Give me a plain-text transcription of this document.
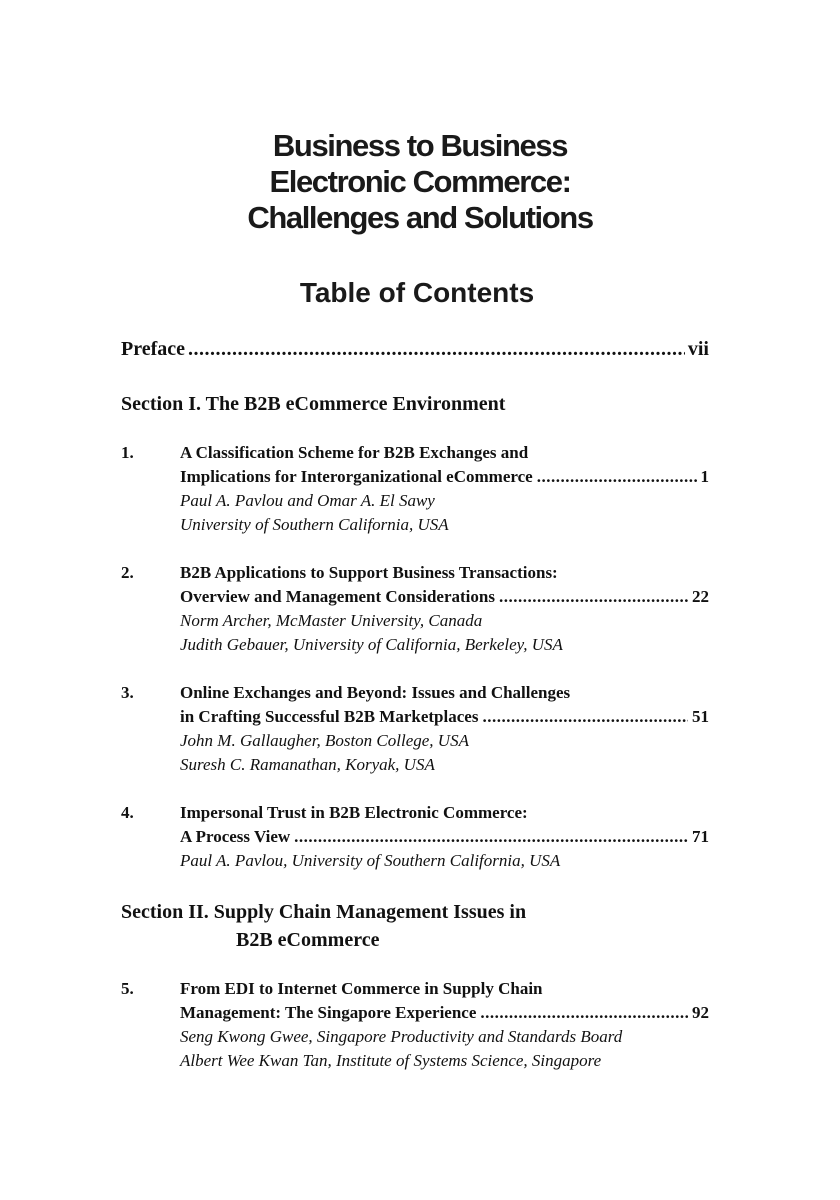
Business to Business
Electronic Commerce:
Challenges and Solutions
Table of Contents
Preface .....	vii
Section I. The B2B eCommerce Environment
1.	A Classification Scheme for B2B Exchanges and
Implications for Interorganizational eCommerce .....	1
Paul A. Pavlou and Omar A. El Sawy
University of Southern California, USA
2.	B2B Applications to Support Business Transactions:
Overview and Management Considerations .....	22
Norm Archer, McMaster University, Canada
Judith Gebauer, University of California, Berkeley, USA
3.	Online Exchanges and Beyond: Issues and Challenges
in Crafting Successful B2B Marketplaces .....	51
John M. Gallaugher, Boston College, USA
Suresh C. Ramanathan, Koryak, USA
4.	Impersonal Trust in B2B Electronic Commerce:
A Process View .....	71
Paul A. Pavlou, University of Southern California, USA
Section II. Supply Chain Management Issues in
B2B eCommerce
5.	From EDI to Internet Commerce in Supply Chain
Management: The Singapore Experience .....	92
Seng Kwong Gwee, Singapore Productivity and Standards Board
Albert Wee Kwan Tan, Institute of Systems Science, Singapore
